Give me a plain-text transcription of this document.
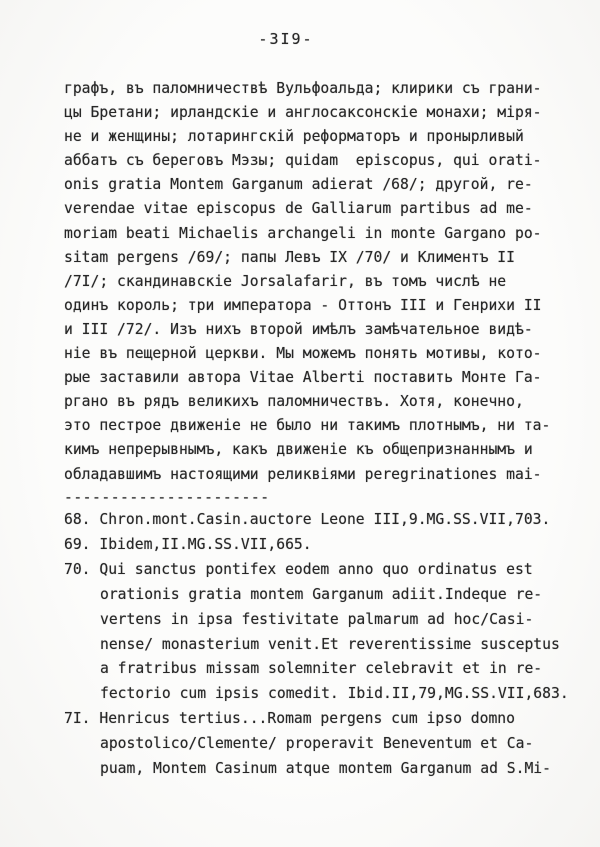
-3I9-
графъ, въ паломничествѣ Вульфоальда; клирики съ грани-
цы Бретани; ирландскіе и англосаксонскіе монахи; міря-
не и женщины; лотарингскій реформаторъ и пронырливый
аббатъ съ береговъ Мэзы; quidam  episcopus, qui orati-
onis gratia Montem Garganum adierat /68/; другой, re-
verendae vitae episcopus de Galliarum partibus ad me-
moriam beati Michaelis archangeli in monte Gargano po-
sitam pergens /69/; папы Левъ IX /70/ и Климентъ II
/7I/; скандинавскіе Jorsalafarir, въ томъ числѣ не
одинъ король; три императора - Оттонъ III и Генрихи II
и III /72/. Изъ нихъ второй имѣлъ замѣчательное видѣ-
ніе въ пещерной церкви. Мы можемъ понять мотивы, кото-
рые заставили автора Vitae Alberti поставить Монте Га-
ргано въ рядъ великихъ паломничествъ. Хотя, конечно,
это пестрое движеніе не было ни такимъ плотнымъ, ни та-
кимъ непрерывнымъ, какъ движеніе къ общепризнаннымъ и
обладавшимъ настоящими реликвіями peregrinationes mai-
----------------------
68. Chron.mont.Casin.auctore Leone III,9.MG.SS.VII,703.
69. Ibidem,II.MG.SS.VII,665.
70. Qui sanctus pontifex eodem anno quo ordinatus est
orationis gratia montem Garganum adiit.Indeque re-
vertens in ipsa festivitate palmarum ad hoc/Casi-
nense/ monasterium venit.Et reverentissime susceptus
a fratribus missam solemniter celebravit et in re-
fectorio cum ipsis comedit. Ibid.II,79,MG.SS.VII,683.
7I. Henricus tertius...Romam pergens cum ipso domno
apostolico/Clemente/ properavit Beneventum et Ca-
puam, Montem Casinum atque montem Garganum ad S.Mi-
